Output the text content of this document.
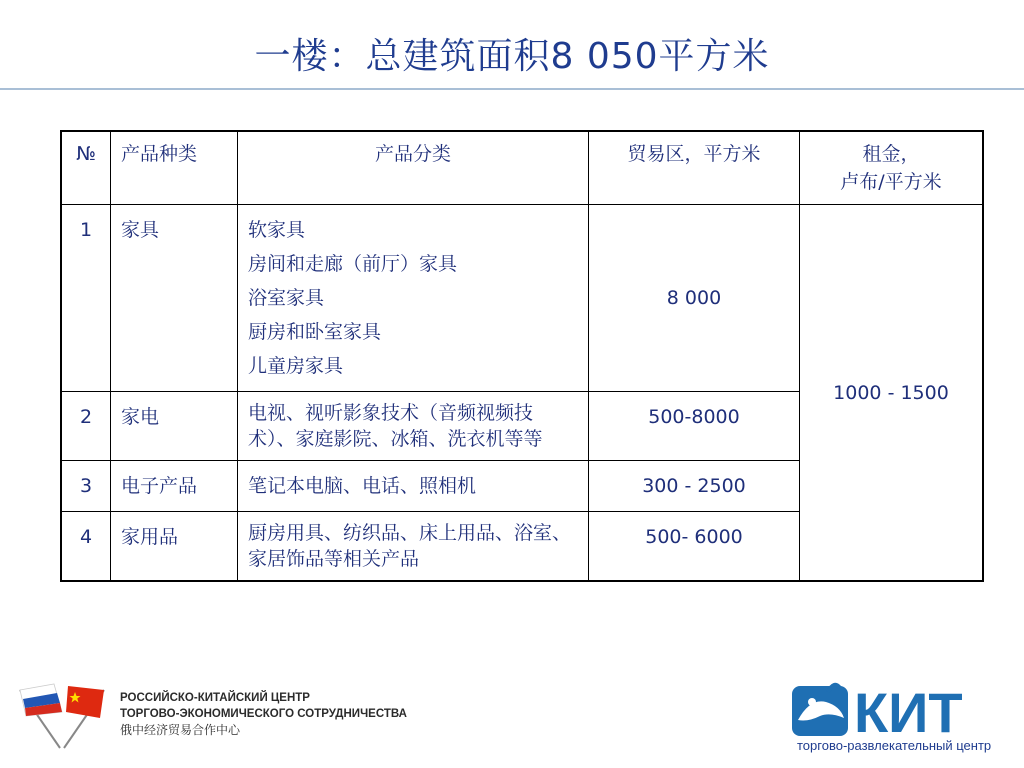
一楼：总建筑面积8 050平方米
№	产品种类	产品分类	贸易区，平方米	租金，
卢布/平方米

1	家具	软家具
房间和走廊（前厅）家具
浴室家具
厨房和卧室家具
儿童房家具	8 000	1000 - 1500
2	家电	电视、视听影象技术（音频视频技术）、家庭影院、冰箱、洗衣机等等	500-8000	
3	电子产品	笔记本电脑、电话、照相机	300 - 2500	
4	家用品	厨房用具、纺织品、床上用品、浴室、家居饰品等相关产品	500- 6000	
РОССИЙСКО-КИТАЙСКИЙ ЦЕНТР
ТОРГОВО-ЭКОНОМИЧЕСКОГО СОТРУДНИЧЕСТВА
俄中经济贸易合作中心	КИТ
торгово-развлекательный центр
